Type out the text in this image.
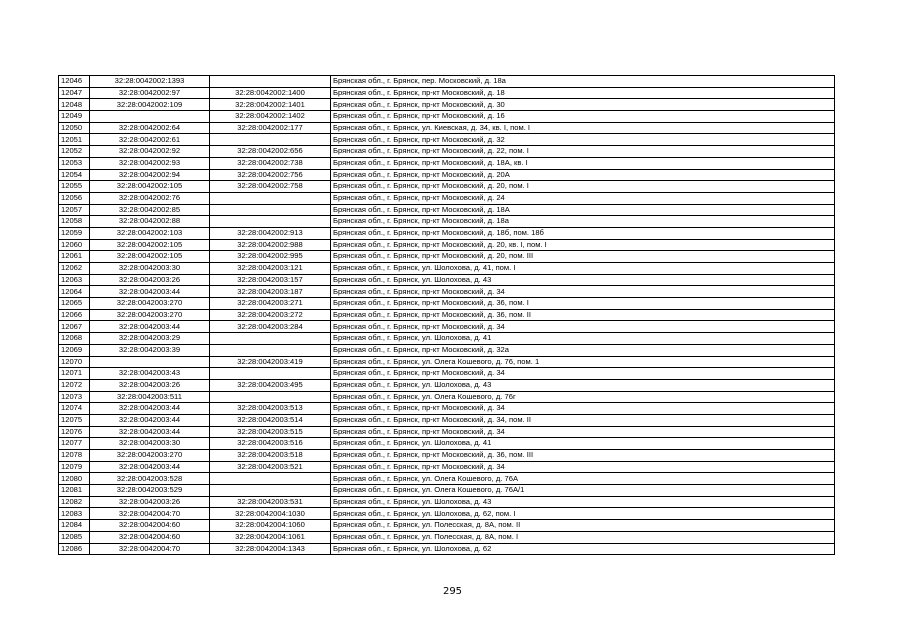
12046	32:28:0042002:1393		Брянская обл., г. Брянск, пер. Московский, д. 18а
12047	32:28:0042002:97	32:28:0042002:1400	Брянская обл., г. Брянск, пр-кт Московский, д. 18
12048	32:28:0042002:109	32:28:0042002:1401	Брянская обл., г. Брянск, пр-кт Московский, д. 30
12049		32:28:0042002:1402	Брянская обл., г. Брянск, пр-кт Московский, д. 16
12050	32:28:0042002:64	32:28:0042002:177	Брянская обл., г. Брянск, ул. Киевская, д. 34, кв. I, пом. I
12051	32:28:0042002:61		Брянская обл., г. Брянск, пр-кт Московский, д. 32
12052	32:28:0042002:92	32:28:0042002:656	Брянская обл., г. Брянск, пр-кт Московский, д. 22, пом. I
12053	32:28:0042002:93	32:28:0042002:738	Брянская обл., г. Брянск, пр-кт Московский, д. 18А, кв. I
12054	32:28:0042002:94	32:28:0042002:756	Брянская обл., г. Брянск, пр-кт Московский, д. 20А
12055	32:28:0042002:105	32:28:0042002:758	Брянская обл., г. Брянск, пр-кт Московский, д. 20, пом. I
12056	32:28:0042002:76		Брянская обл., г. Брянск, пр-кт Московский, д. 24
12057	32:28:0042002:85		Брянская обл., г. Брянск, пр-кт Московский, д. 18А
12058	32:28:0042002:88		Брянская обл., г. Брянск, пр-кт Московский, д. 18а
12059	32:28:0042002:103	32:28:0042002:913	Брянская обл., г. Брянск, пр-кт Московский, д. 18б, пом. 18б
12060	32:28:0042002:105	32:28:0042002:988	Брянская обл., г. Брянск, пр-кт Московский, д. 20, кв. I, пом. I
12061	32:28:0042002:105	32:28:0042002:995	Брянская обл., г. Брянск, пр-кт Московский, д. 20, пом. III
12062	32:28:0042003:30	32:28:0042003:121	Брянская обл., г. Брянск, ул. Шолохова, д. 41, пом. I
12063	32:28:0042003:26	32:28:0042003:157	Брянская обл., г. Брянск, ул. Шолохова, д. 43
12064	32:28:0042003:44	32:28:0042003:187	Брянская обл., г. Брянск, пр-кт Московский, д. 34
12065	32:28:0042003:270	32:28:0042003:271	Брянская обл., г. Брянск, пр-кт Московский, д. 36, пом. I
12066	32:28:0042003:270	32:28:0042003:272	Брянская обл., г. Брянск, пр-кт Московский, д. 36, пом. II
12067	32:28:0042003:44	32:28:0042003:284	Брянская обл., г. Брянск, пр-кт Московский, д. 34
12068	32:28:0042003:29		Брянская обл., г. Брянск, ул. Шолохова, д. 41
12069	32:28:0042003:39		Брянская обл., г. Брянск, пр-кт Московский, д. 32а
12070		32:28:0042003:419	Брянская обл., г. Брянск, ул. Олега Кошевого, д. 76, пом. 1
12071	32:28:0042003:43		Брянская обл., г. Брянск, пр-кт Московский, д. 34
12072	32:28:0042003:26	32:28:0042003:495	Брянская обл., г. Брянск, ул. Шолохова, д. 43
12073	32:28:0042003:511		Брянская обл., г. Брянск, ул. Олега Кошевого, д. 76г
12074	32:28:0042003:44	32:28:0042003:513	Брянская обл., г. Брянск, пр-кт Московский, д. 34
12075	32:28:0042003:44	32:28:0042003:514	Брянская обл., г. Брянск, пр-кт Московский, д. 34, пом. II
12076	32:28:0042003:44	32:28:0042003:515	Брянская обл., г. Брянск, пр-кт Московский, д. 34
12077	32:28:0042003:30	32:28:0042003:516	Брянская обл., г. Брянск, ул. Шолохова, д. 41
12078	32:28:0042003:270	32:28:0042003:518	Брянская обл., г. Брянск, пр-кт Московский, д. 36, пом. III
12079	32:28:0042003:44	32:28:0042003:521	Брянская обл., г. Брянск, пр-кт Московский, д. 34
12080	32:28:0042003:528		Брянская обл., г. Брянск, ул. Олега Кошевого, д. 76А
12081	32:28:0042003:529		Брянская обл., г. Брянск, ул. Олега Кошевого, д. 76А/1
12082	32:28:0042003:26	32:28:0042003:531	Брянская обл., г. Брянск, ул. Шолохова, д. 43
12083	32:28:0042004:70	32:28:0042004:1030	Брянская обл., г. Брянск, ул. Шолохова, д. 62, пом. I
12084	32:28:0042004:60	32:28:0042004:1060	Брянская обл., г. Брянск, ул. Полесская, д. 8А, пом. II
12085	32:28:0042004:60	32:28:0042004:1061	Брянская обл., г. Брянск, ул. Полесская, д. 8А, пом. I
12086	32:28:0042004:70	32:28:0042004:1343	Брянская обл., г. Брянск, ул. Шолохова, д. 62
295
